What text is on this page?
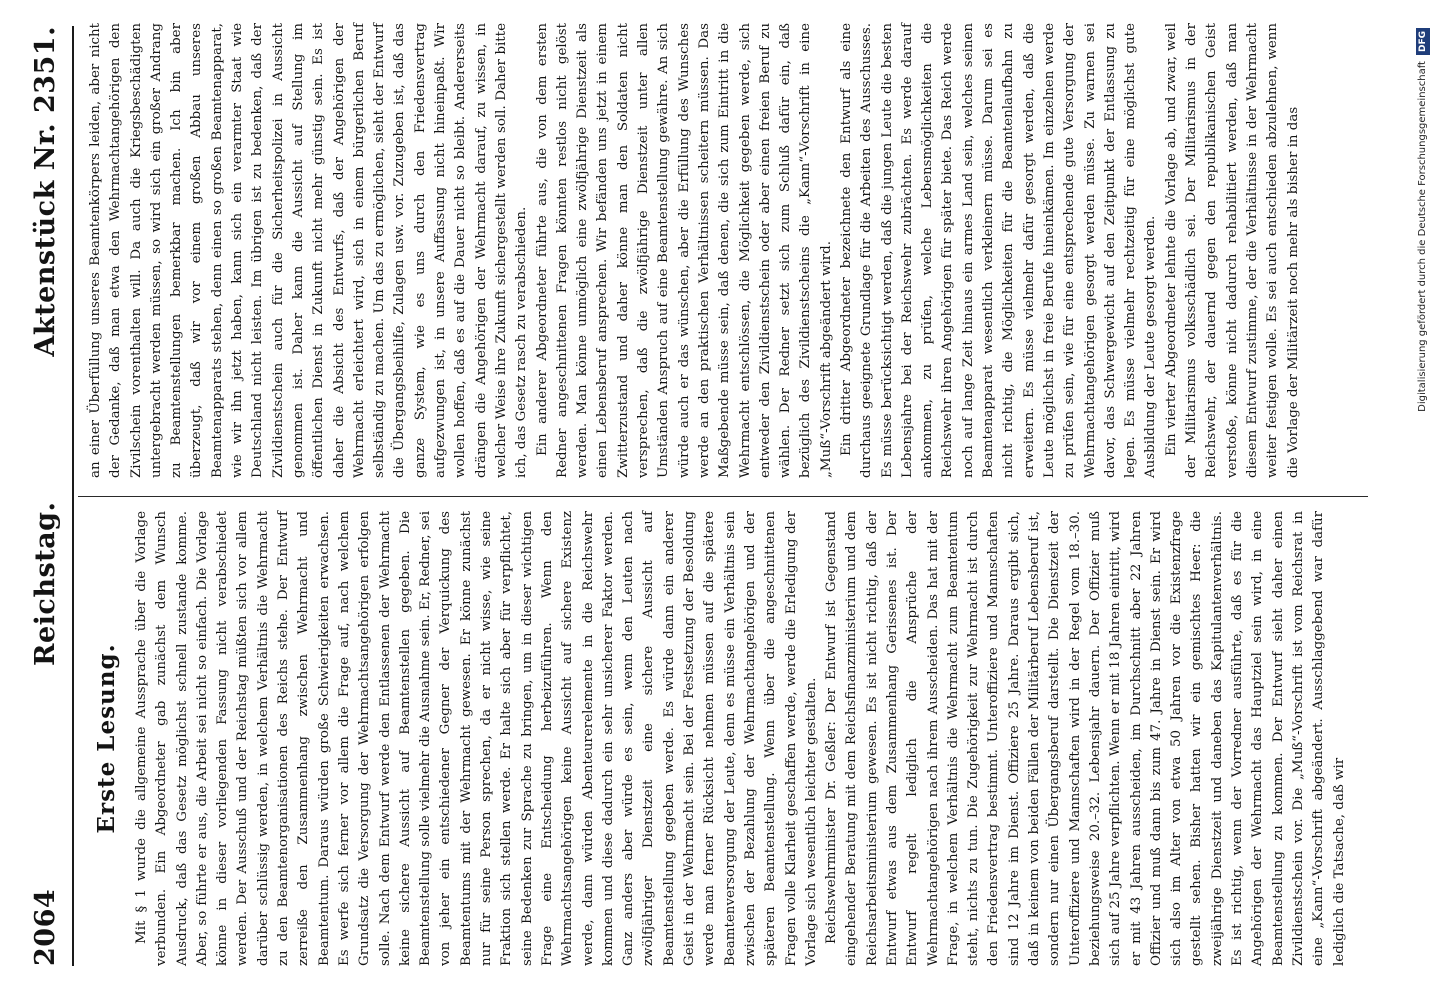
2064
Reichstag.
Aktenstück Nr. 2351.
Erste Lesung. Mit § 1 wurde die allgemeine Aussprache über die Vorlage verbunden. Ein Abgeordneter gab zunächst dem Wunsch Ausdruck, daß das Gesetz möglichst schnell zustande komme. Aber, so führte er aus, die Arbeit sei nicht so einfach. Die Vorlage könne in dieser vorliegenden Fassung nicht verabschiedet werden. Der Ausschuß und der Reichstag müßten sich vor allem darüber schlüssig werden, in welchem Verhältnis die Wehrmacht zu den Beamtenorganisationen des Reichs stehe. Der Entwurf zerreiße den Zusammenhang zwischen Wehrmacht und Beamtentum. Daraus würden große Schwierigkeiten erwachsen. Es werfe sich ferner vor allem die Frage auf, nach welchem Grundsatz die Versorgung der Wehrmachtsangehörigen erfolgen solle. Nach dem Entwurf werde den Entlassenen der Wehrmacht keine sichere Aussicht auf Beamtenstellen gegeben. Die Beamtenstellung solle vielmehr die Ausnahme sein. Er, Redner, sei von jeher ein entschiedener Gegner der Verquickung des Beamtentums mit der Wehrmacht gewesen. Er könne zunächst nur für seine Person sprechen, da er nicht wisse, wie seine Fraktion sich stellen werde. Er halte sich aber für verpflichtet, seine Bedenken zur Sprache zu bringen, um in dieser wichtigen Frage eine Entscheidung herbeizuführen. Wenn den Wehrmachtsangehörigen keine Aussicht auf sichere Existenz werde, dann würden Abenteurerelemente in die Reichswehr kommen und diese dadurch ein sehr unsicherer Faktor werden. Ganz anders aber würde es sein, wenn den Leuten nach zwölfjähriger Dienstzeit eine sichere Aussicht auf Beamtenstellung gegeben werde. Es würde dann ein anderer Geist in der Wehrmacht sein. Bei der Festsetzung der Besoldung werde man ferner Rücksicht nehmen müssen auf die spätere Beamtenversorgung der Leute, denn es müsse ein Verhältnis sein zwischen der Bezahlung der Wehrmachtangehörigen und der späteren Beamtenstellung. Wenn über die angeschnittenen Fragen volle Klarheit geschaffen werde, werde die Erledigung der Vorlage sich wesentlich leichter gestalten. Reichswehrminister Dr. Geßler: Der Entwurf ist Gegenstand eingehender Beratung mit dem Reichsfinanzministerium und dem Reichsarbeitsministerium gewesen. Es ist nicht richtig, daß der Entwurf etwas aus dem Zusammenhang Gerissenes ist. Der Entwurf regelt lediglich die Ansprüche der Wehrmachtangehörigen nach ihrem Ausscheiden. Das hat mit der Frage, in welchem Verhältnis die Wehrmacht zum Beamtentum steht, nichts zu tun. Die Zugehörigkeit zur Wehrmacht ist durch den Friedensvertrag bestimmt. Unteroffiziere und Mannschaften sind 12 Jahre im Dienst. Offiziere 25 Jahre. Daraus ergibt sich, daß in keinem von beiden Fällen der Militärberuf Lebensberuf ist, sondern nur einen Übergangsberuf darstellt. Die Dienstzeit der Unteroffiziere und Mannschaften wird in der Regel vom 18.–30. beziehungsweise 20.–32. Lebensjahr dauern. Der Offizier muß sich auf 25 Jahre verpflichten. Wenn er mit 18 Jahren eintritt, wird er mit 43 Jahren ausscheiden, im Durchschnitt aber 22 Jahren Offizier und muß dann bis zum 47. Jahre in Dienst sein. Er wird sich also im Alter von etwa 50 Jahren vor die Existenzfrage gestellt sehen. Bisher hatten wir ein gemischtes Heer: die zweijährige Dienstzeit und daneben das Kapitulantenverhältnis. Es ist richtig, wenn der Vorredner ausführte, daß es für die Angehörigen der Wehrmacht das Hauptziel sein wird, in eine Beamtenstellung zu kommen. Der Entwurf sieht daher einen Zivildienstschein vor. Die „Muß“-Vorschrift ist vom Reichsrat in eine „Kann“-Vorschrift abgeändert. Ausschlaggebend war dafür lediglich die Tatsache, daß wir

an einer Überfüllung unseres Beamtenkörpers leiden, aber nicht der Gedanke, daß man etwa den Wehrmachtangehörigen den Zivilschein vorenthalten will. Da auch die Kriegsbeschädigten untergebracht werden müssen, so wird sich ein großer Andrang zu Beamtenstellungen bemerkbar machen. Ich bin aber überzeugt, daß wir vor einem großen Abbau unseres Beamtenapparats stehen, denn einen so großen Beamtenapparat, wie wir ihn jetzt haben, kann sich ein verarmter Staat wie Deutschland nicht leisten. Im übrigen ist zu bedenken, daß der Zivildienstschein auch für die Sicherheitspolizei in Aussicht genommen ist. Daher kann die Aussicht auf Stellung im öffentlichen Dienst in Zukunft nicht mehr günstig sein. Es ist daher die Absicht des Entwurfs, daß der Angehörigen der Wehrmacht erleichtert wird, sich in einem bürgerlichen Beruf selbständig zu machen. Um das zu ermöglichen, sieht der Entwurf die Übergangsbeihilfe, Zulagen usw. vor. Zuzugeben ist, daß das ganze System, wie es uns durch den Friedensvertrag aufgezwungen ist, in unsere Auffassung nicht hineinpaßt. Wir wollen hoffen, daß es auf die Dauer nicht so bleibt. Andererseits drängen die Angehörigen der Wehrmacht darauf, zu wissen, in welcher Weise ihre Zukunft sichergestellt werden soll. Daher bitte ich, das Gesetz rasch zu verabschieden. Ein anderer Abgeordneter führte aus, die von dem ersten Redner angeschnittenen Fragen könnten restlos nicht gelöst werden. Man könne unmöglich eine zwölfjährige Dienstzeit als einen Lebensberuf ansprechen. Wir befänden uns jetzt in einem Zwitterzustand und daher könne man den Soldaten nicht versprechen, daß die zwölfjährige Dienstzeit unter allen Umständen Anspruch auf eine Beamtenstellung gewähre. An sich würde auch er das wünschen, aber die Erfüllung des Wunsches werde an den praktischen Verhältnissen scheitern müssen. Das Maßgebende müsse sein, daß denen, die sich zum Eintritt in die Wehrmacht entschlössen, die Möglichkeit gegeben werde, sich entweder den Zivildienstschein oder aber einen freien Beruf zu wählen. Der Redner setzt sich zum Schluß dafür ein, daß bezüglich des Zivildienstscheins die „Kann“-Vorschrift in eine „Muß“-Vorschrift abgeändert wird. Ein dritter Abgeordneter bezeichnete den Entwurf als eine durchaus geeignete Grundlage für die Arbeiten des Ausschusses. Es müsse berücksichtigt werden, daß die jungen Leute die besten Lebensjahre bei der Reichswehr zubrächten. Es werde darauf ankommen, zu prüfen, welche Lebensmöglichkeiten die Reichswehr ihren Angehörigen für später biete. Das Reich werde noch auf lange Zeit hinaus ein armes Land sein, welches seinen Beamtenapparat wesentlich verkleinern müsse. Darum sei es nicht richtig, die Möglichkeiten für die Beamtenlaufbahn zu erweitern. Es müsse vielmehr dafür gesorgt werden, daß die Leute möglichst in freie Berufe hineinkämen. Im einzelnen werde zu prüfen sein, wie für eine entsprechende gute Versorgung der Wehrmachtangehörigen gesorgt werden müsse. Zu warnen sei davor, das Schwergewicht auf den Zeitpunkt der Entlassung zu legen. Es müsse vielmehr rechtzeitig für eine möglichst gute Ausbildung der Leute gesorgt werden. Ein vierter Abgeordneter lehnte die Vorlage ab, und zwar, weil der Militarismus volksschädlich sei. Der Militarismus in der Reichswehr, der dauernd gegen den republikanischen Geist verstoße, könne nicht dadurch rehabilitiert werden, daß man diesem Entwurf zustimme, der die Verhältnisse in der Wehrmacht weiter festigen wolle. Es sei auch entschieden abzulehnen, wenn die Vorlage der Militärzeit noch mehr als bisher in das	Digitalisierung gefördert durch die Deutsche ForschungsgemeinschaftDFG
